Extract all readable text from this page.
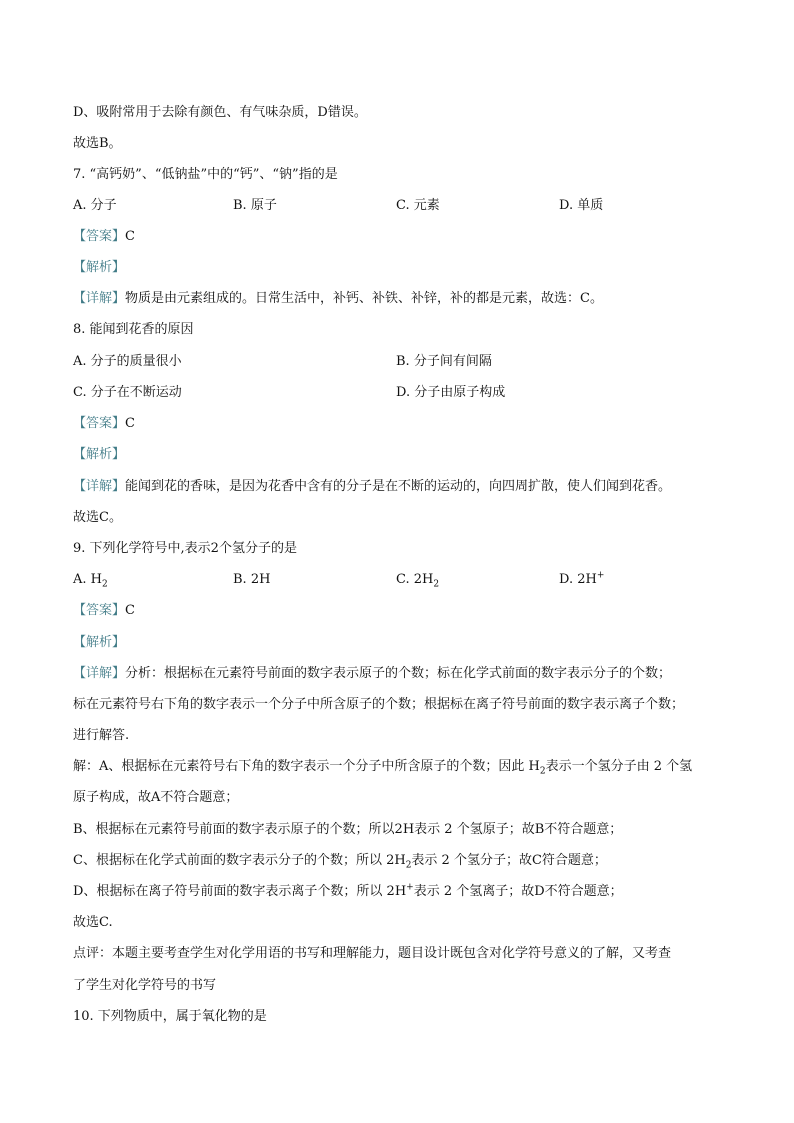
D、吸附常用于去除有颜色、有气味杂质，D错误。
故选B。
7. “高钙奶”、“低钠盐”中的“钙”、“钠”指的是
A. 分子	B. 原子	C. 元素	D. 单质
【答案】C
【解析】
【详解】物质是由元素组成的。日常生活中，补钙、补铁、补锌，补的都是元素，故选：C。
8. 能闻到花香的原因
A. 分子的质量很小	B. 分子间有间隔
C. 分子在不断运动	D. 分子由原子构成
【答案】C
【解析】
【详解】能闻到花的香味，是因为花香中含有的分子是在不断的运动的，向四周扩散，使人们闻到花香。
故选C。
9. 下列化学符号中,表示2个氢分子的是
A. $H_2$	B. 2H	C. $2H_2$	D. 2H+
【答案】C
【解析】
【详解】分析：根据标在元素符号前面的数字表示原子的个数；标在化学式前面的数字表示分子的个数；
标在元素符号右下角的数字表示一个分子中所含原子的个数；根据标在离子符号前面的数字表示离子个数；
进行解答.
解：A、根据标在元素符号右下角的数字表示一个分子中所含原子的个数；因此 $H_2$表示一个氢分子由 2 个氢
原子构成，故A不符合题意；
B、根据标在元素符号前面的数字表示原子的个数；所以2H表示 2 个氢原子；故B不符合题意；
C、根据标在化学式前面的数字表示分子的个数；所以 $2H_2$表示 2 个氢分子；故C符合题意；
D、根据标在离子符号前面的数字表示离子个数；所以 2H+表示 2 个氢离子；故D不符合题意；
故选C.
点评：本题主要考查学生对化学用语的书写和理解能力，题目设计既包含对化学符号意义的了解，又考查
了学生对化学符号的书写
10. 下列物质中，属于氧化物的是
